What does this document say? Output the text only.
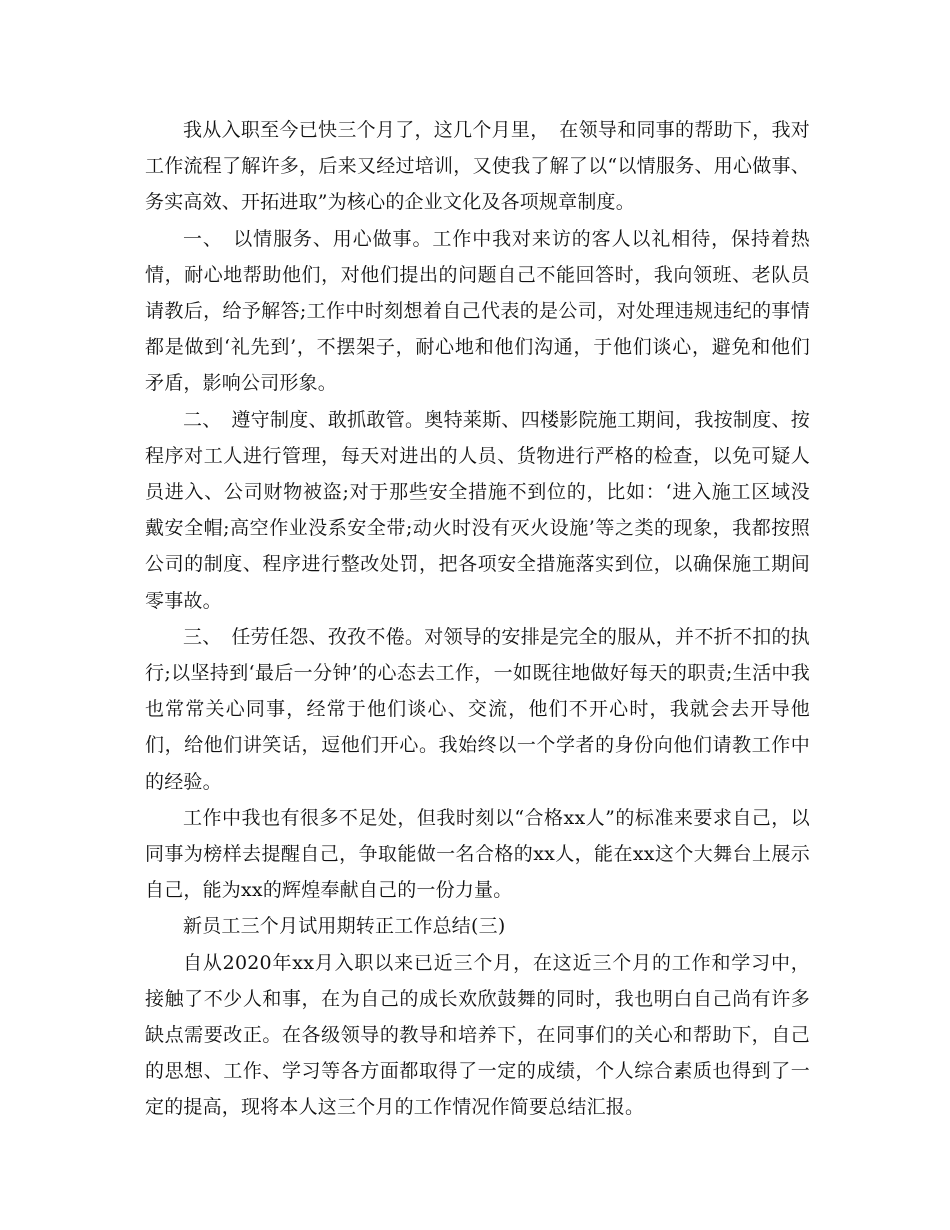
我从入职至今已快三个月了，这几个月里，　在领导和同事的帮助下，我对工作流程了解许多，后来又经过培训，又使我了解了以“以情服务、用心做事、务实高效、开拓进取”为核心的企业文化及各项规章制度。

一、　以情服务、用心做事。工作中我对来访的客人以礼相待，保持着热情，耐心地帮助他们，对他们提出的问题自己不能回答时，我向领班、老队员请教后，给予解答;工作中时刻想着自己代表的是公司，对处理违规违纪的事情都是做到‘礼先到’，不摆架子，耐心地和他们沟通，于他们谈心，避免和他们矛盾，影响公司形象。

二、　遵守制度、敢抓敢管。奥特莱斯、四楼影院施工期间，我按制度、按程序对工人进行管理，每天对进出的人员、货物进行严格的检查，以免可疑人员进入、公司财物被盗;对于那些安全措施不到位的，比如：‘进入施工区域没戴安全帽;高空作业没系安全带;动火时没有灭火设施’等之类的现象，我都按照公司的制度、程序进行整改处罚，把各项安全措施落实到位，以确保施工期间零事故。

三、　任劳任怨、孜孜不倦。对领导的安排是完全的服从，并不折不扣的执行;以坚持到‘最后一分钟’的心态去工作，一如既往地做好每天的职责;生活中我也常常关心同事，经常于他们谈心、交流，他们不开心时，我就会去开导他们，给他们讲笑话，逗他们开心。我始终以一个学者的身份向他们请教工作中的经验。

工作中我也有很多不足处，但我时刻以“合格xx人”的标准来要求自己，以同事为榜样去提醒自己，争取能做一名合格的xx人，能在xx这个大舞台上展示自己，能为xx的辉煌奉献自己的一份力量。

新员工三个月试用期转正工作总结(三)

自从2020年xx月入职以来已近三个月，在这近三个月的工作和学习中，接触了不少人和事，在为自己的成长欢欣鼓舞的同时，我也明白自己尚有许多缺点需要改正。在各级领导的教导和培养下，在同事们的关心和帮助下，自己的思想、工作、学习等各方面都取得了一定的成绩，个人综合素质也得到了一定的提高，现将本人这三个月的工作情况作简要总结汇报。
